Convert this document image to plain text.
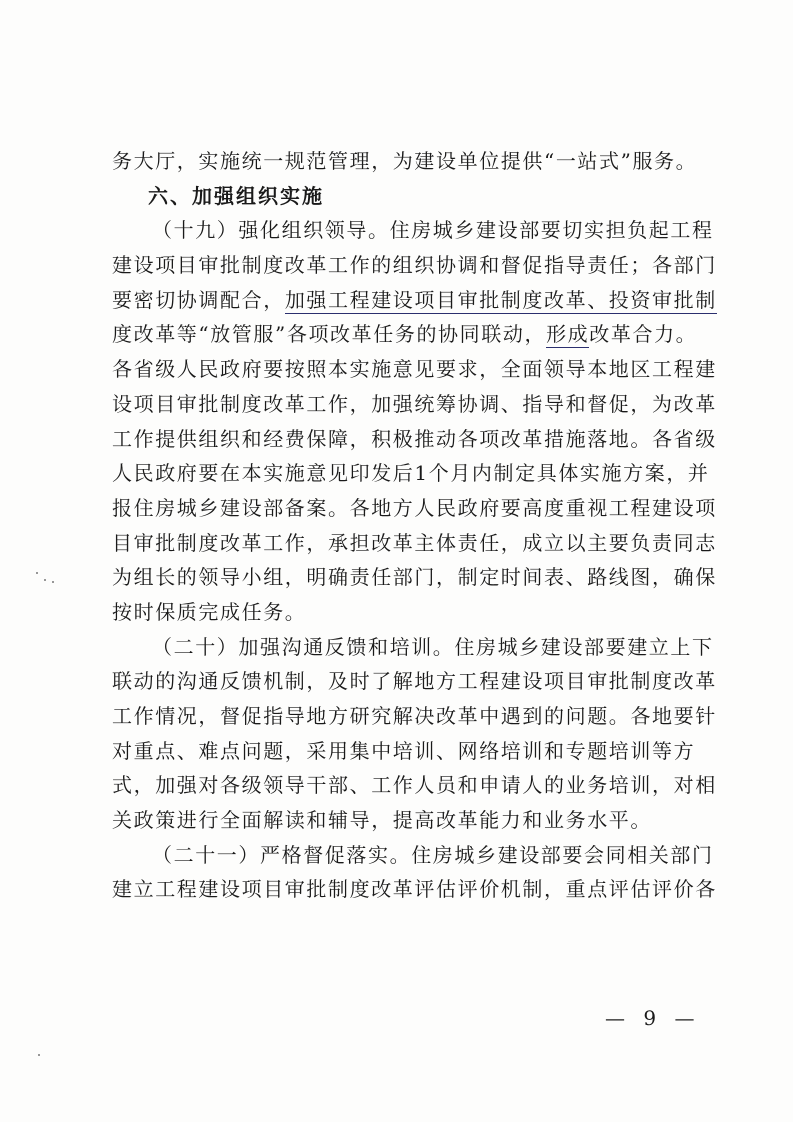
务大厅，实施统一规范管理，为建设单位提供“一站式”服务。
六、加强组织实施
（十九）强化组织领导。住房城乡建设部要切实担负起工程
建设项目审批制度改革工作的组织协调和督促指导责任；各部门
要密切协调配合，加强工程建设项目审批制度改革、投资审批制
度改革等“放管服”各项改革任务的协同联动，形成改革合力。
各省级人民政府要按照本实施意见要求，全面领导本地区工程建
设项目审批制度改革工作，加强统筹协调、指导和督促，为改革
工作提供组织和经费保障，积极推动各项改革措施落地。各省级
人民政府要在本实施意见印发后1个月内制定具体实施方案，并
报住房城乡建设部备案。各地方人民政府要高度重视工程建设项
目审批制度改革工作，承担改革主体责任，成立以主要负责同志
为组长的领导小组，明确责任部门，制定时间表、路线图，确保
按时保质完成任务。
（二十）加强沟通反馈和培训。住房城乡建设部要建立上下
联动的沟通反馈机制，及时了解地方工程建设项目审批制度改革
工作情况，督促指导地方研究解决改革中遇到的问题。各地要针
对重点、难点问题，采用集中培训、网络培训和专题培训等方
式，加强对各级领导干部、工作人员和申请人的业务培训，对相
关政策进行全面解读和辅导，提高改革能力和业务水平。
（二十一）严格督促落实。住房城乡建设部要会同相关部门
建立工程建设项目审批制度改革评估评价机制，重点评估评价各
— 9 —
